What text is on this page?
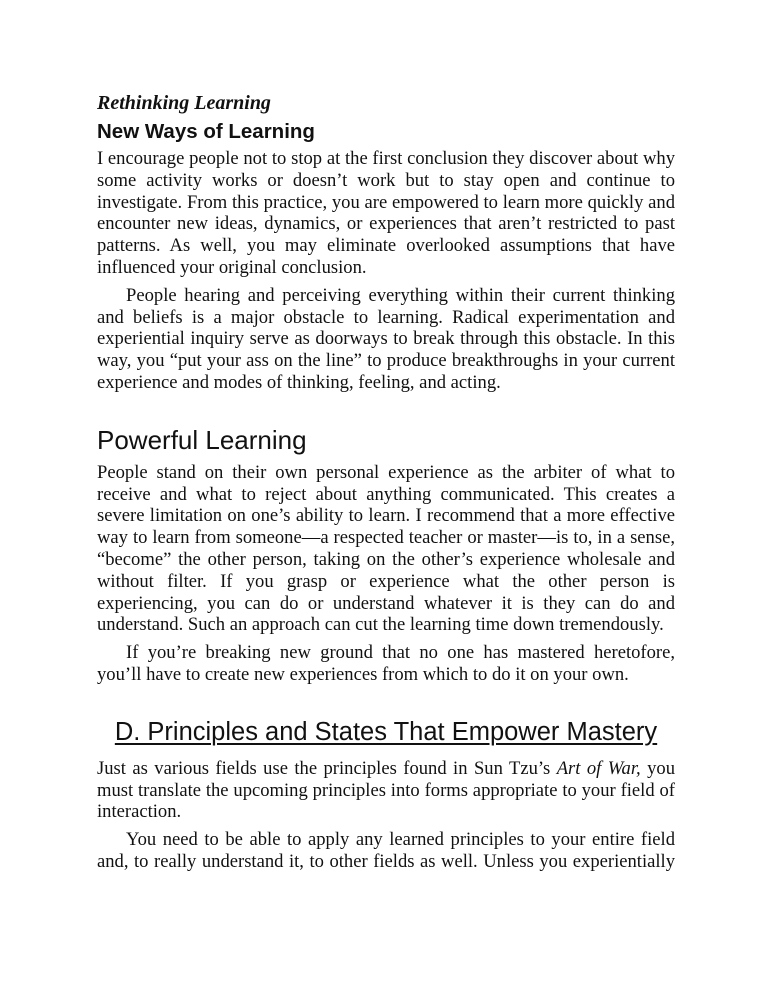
Rethinking Learning
New Ways of Learning

I encourage people not to stop at the first conclusion they discover about why some activity works or doesn’t work but to stay open and continue to investigate. From this practice, you are empowered to learn more quickly and encounter new ideas, dynamics, or experiences that aren’t restricted to past patterns. As well, you may eliminate overlooked assumptions that have influenced your original conclusion.

People hearing and perceiving everything within their current thinking and beliefs is a major obstacle to learning. Radical experimentation and experiential inquiry serve as doorways to break through this obstacle. In this way, you “put your ass on the line” to produce breakthroughs in your current experience and modes of thinking, feeling, and acting.

Powerful Learning

People stand on their own personal experience as the arbiter of what to receive and what to reject about anything communicated. This creates a severe limitation on one’s ability to learn. I recommend that a more effective way to learn from someone—a respected teacher or master—is to, in a sense, “become” the other person, taking on the other’s experience wholesale and without filter. If you grasp or experience what the other person is experiencing, you can do or understand whatever it is they can do and understand. Such an approach can cut the learning time down tremendously.

If you’re breaking new ground that no one has mastered heretofore, you’ll have to create new experiences from which to do it on your own.

D. Principles and States That Empower Mastery

Just as various fields use the principles found in Sun Tzu’s Art of War, you must translate the upcoming principles into forms appropriate to your field of interaction.

You need to be able to apply any learned principles to your entire field and, to really understand it, to other fields as well. Unless you experientially
